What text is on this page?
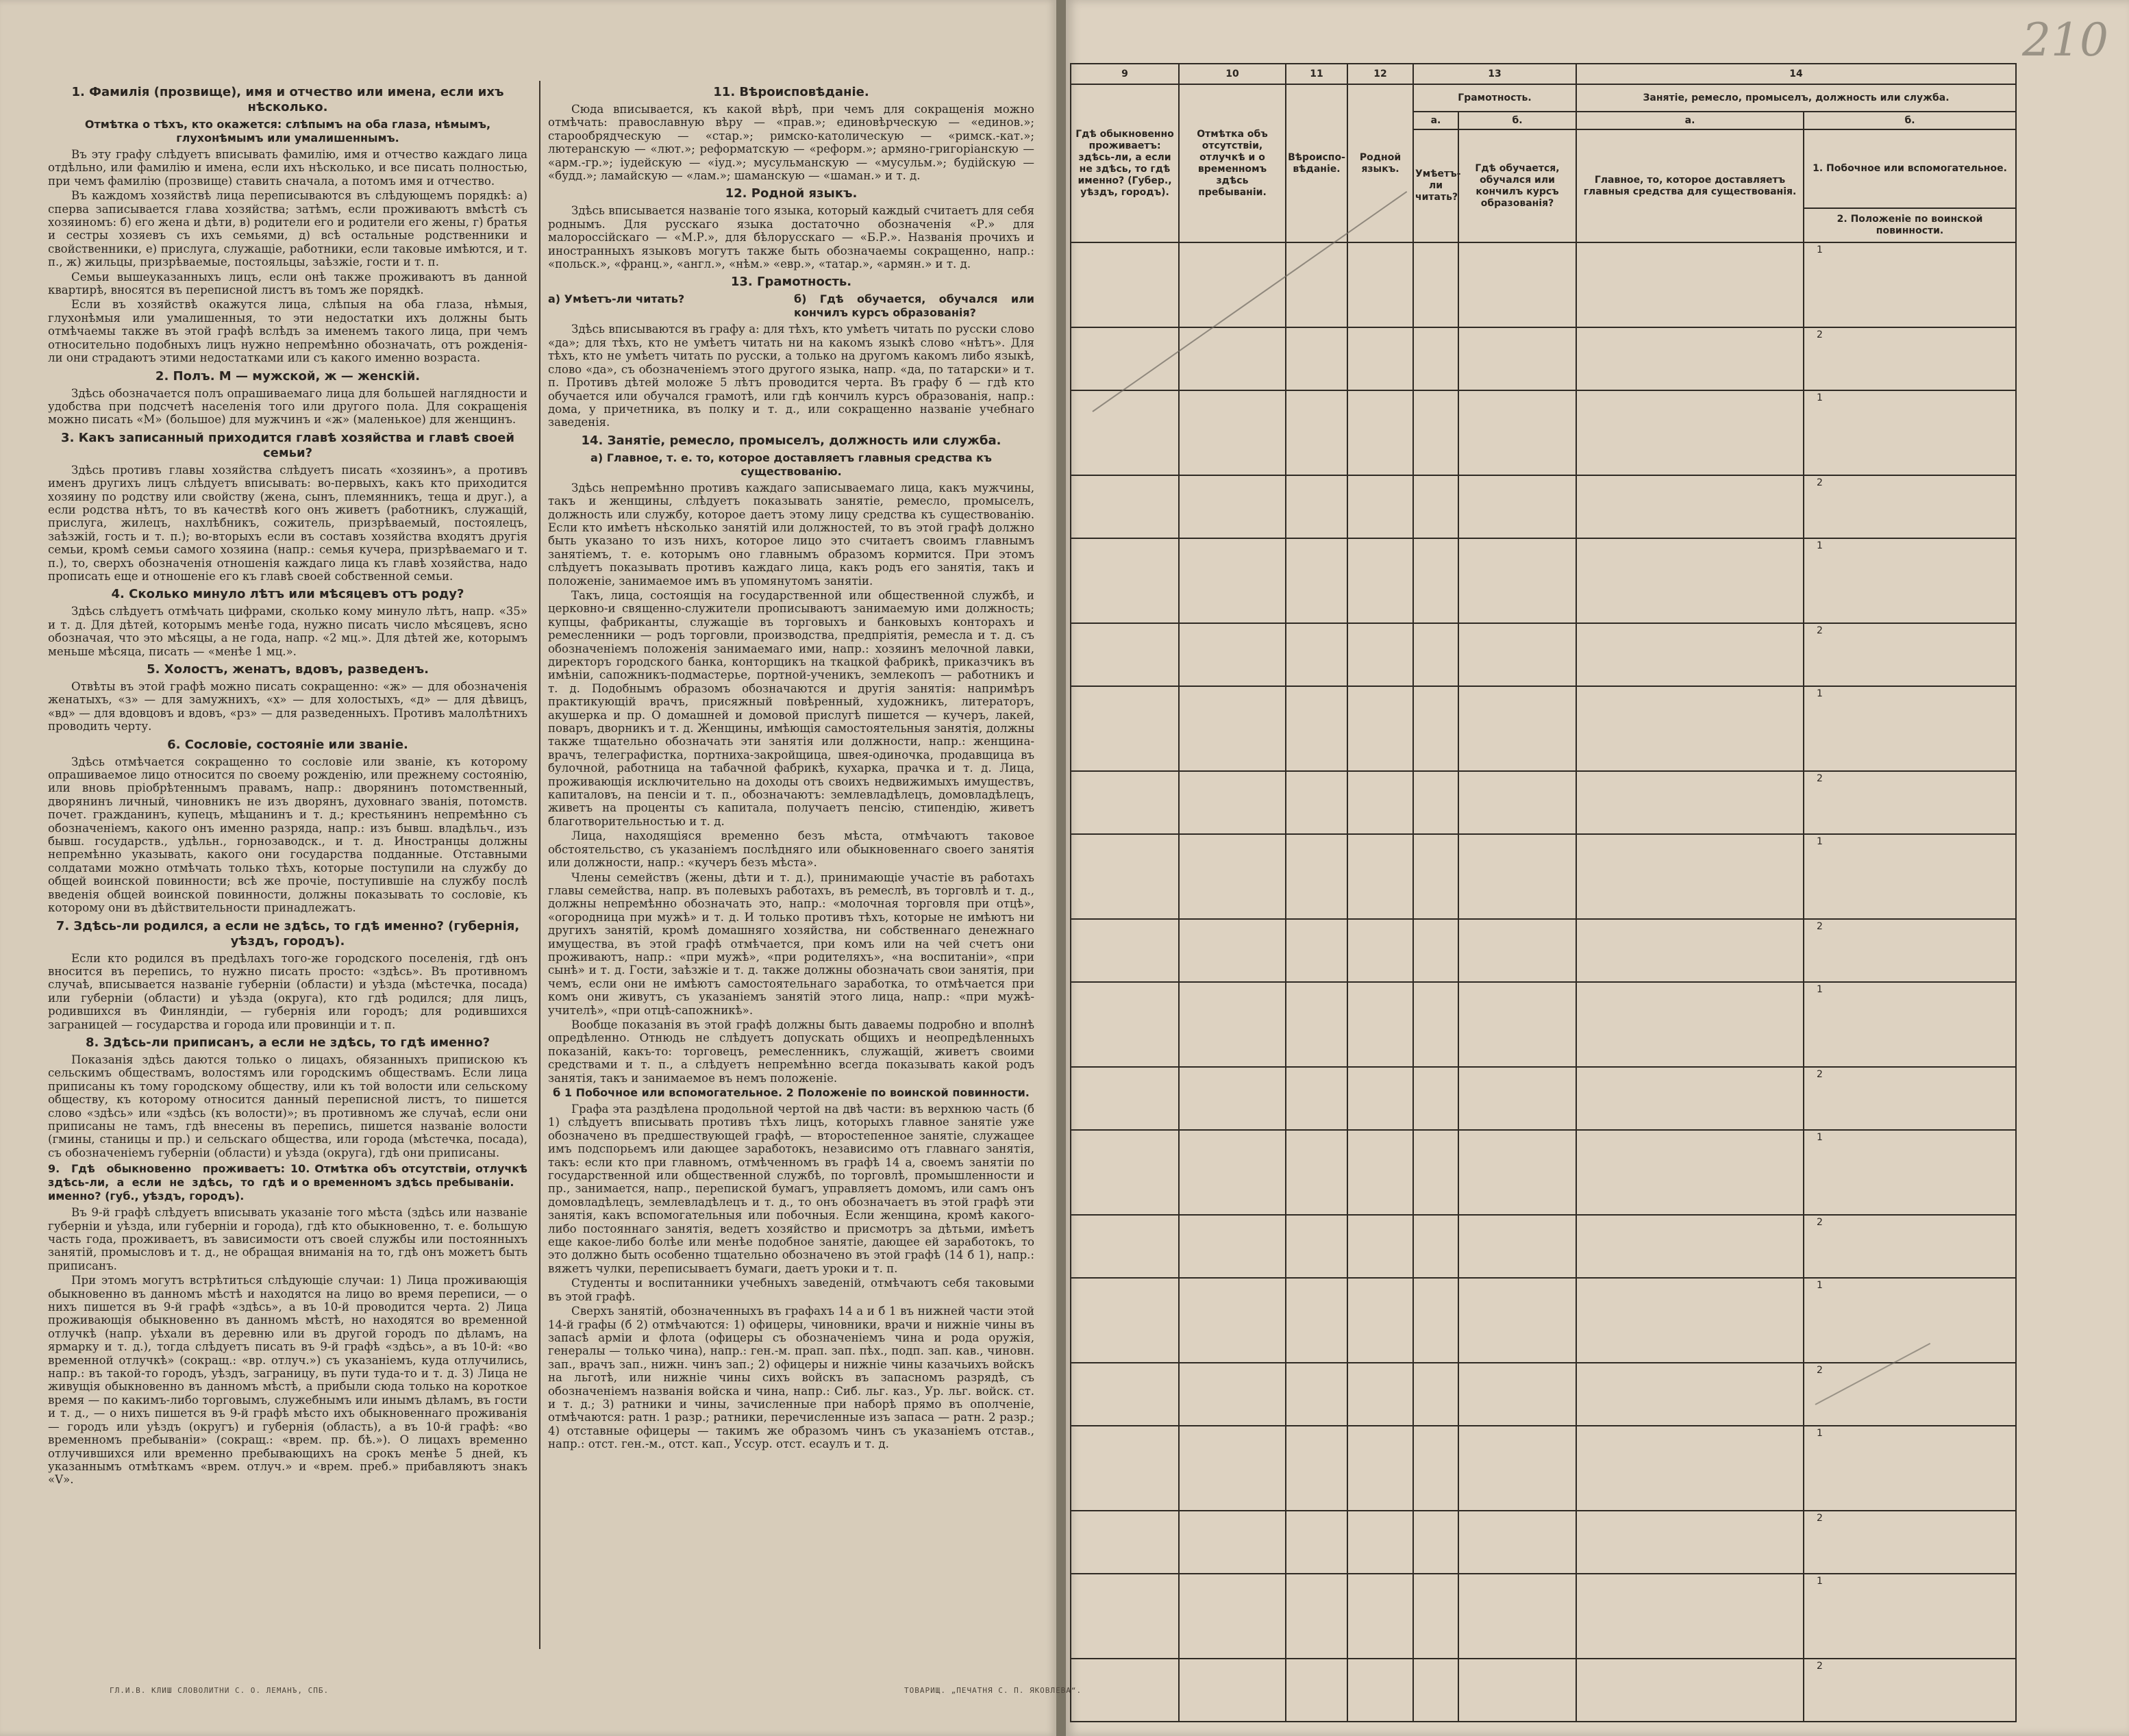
1. Фамилія (прозвище), имя и отчество или имена, если ихъ нѣсколько.
Отмѣтка о тѣхъ, кто окажется: слѣпымъ на оба глаза, нѣмымъ, глухонѣмымъ или умалишеннымъ.

Въ эту графу слѣдуетъ вписывать фамилію, имя и отчество каждаго лица отдѣльно, или фамилію и имена, если ихъ нѣсколько, и все писать полностью, при чемъ фамилію (прозвище) ставить сначала, а потомъ имя и отчество.

Въ каждомъ хозяйствѣ лица переписываются въ слѣдующемъ порядкѣ: а) сперва записывается глава хозяйства; затѣмъ, если проживаютъ вмѣстѣ съ хозяиномъ: б) его жена и дѣти, в) родители его и родители его жены, г) братья и сестры хозяевъ съ ихъ семьями, д) всѣ остальные родственники и свойственники, е) прислуга, служащіе, работники, если таковые имѣются, и т. п., ж) жильцы, призрѣваемые, постояльцы, заѣзжіе, гости и т. п.

Семьи вышеуказанныхъ лицъ, если онѣ также проживаютъ въ данной квартирѣ, вносятся въ переписной листъ въ томъ же порядкѣ.

Если въ хозяйствѣ окажутся лица, слѣпыя на оба глаза, нѣмыя, глухонѣмыя или умалишенныя, то эти недостатки ихъ должны быть отмѣчаемы также въ этой графѣ вслѣдъ за именемъ такого лица, при чемъ относительно подобныхъ лицъ нужно непремѣнно обозначать, отъ рожденія-ли они страдаютъ этими недостатками или съ какого именно возраста.

2. Полъ. М — мужской, ж — женскій.

Здѣсь обозначается полъ опрашиваемаго лица для большей наглядности и удобства при подсчетѣ населенія того или другого пола. Для сокращенія можно писать «М» (большое) для мужчинъ и «ж» (маленькое) для женщинъ.

3. Какъ записанный приходится главѣ хозяйства и главѣ своей семьи?

Здѣсь противъ главы хозяйства слѣдуетъ писать «хозяинъ», а противъ именъ другихъ лицъ слѣдуетъ вписывать: во-первыхъ, какъ кто приходится хозяину по родству или свойству (жена, сынъ, племянникъ, теща и друг.), а если родства нѣтъ, то въ качествѣ кого онъ живетъ (работникъ, служащій, прислуга, жилецъ, нахлѣбникъ, сожитель, призрѣваемый, постоялецъ, заѣзжій, гость и т. п.); во-вторыхъ если въ составъ хозяйства входятъ другія семьи, кромѣ семьи самого хозяина (напр.: семья кучера, призрѣваемаго и т. п.), то, сверхъ обозначенія отношенія каждаго лица къ главѣ хозяйства, надо прописать еще и отношеніе его къ главѣ своей собственной семьи.

4. Сколько минуло лѣтъ или мѣсяцевъ отъ роду?

Здѣсь слѣдуетъ отмѣчать цифрами, сколько кому минуло лѣтъ, напр. «35» и т. д. Для дѣтей, которымъ менѣе года, нужно писать число мѣсяцевъ, ясно обозначая, что это мѣсяцы, а не года, напр. «2 мц.». Для дѣтей же, которымъ меньше мѣсяца, писать — «менѣе 1 мц.».

5. Холостъ, женатъ, вдовъ, разведенъ.

Отвѣты въ этой графѣ можно писать сокращенно: «ж» — для обозначенія женатыхъ, «з» — для замужнихъ, «х» — для холостыхъ, «д» — для дѣвицъ, «вд» — для вдовцовъ и вдовъ, «рз» — для разведенныхъ. Противъ малолѣтнихъ проводить черту.

6. Сословіе, состояніе или званіе.

Здѣсь отмѣчается сокращенно то сословіе или званіе, къ которому опрашиваемое лицо относится по своему рожденію, или прежнему состоянію, или вновь пріобрѣтеннымъ правамъ, напр.: дворянинъ потомственный, дворянинъ личный, чиновникъ не изъ дворянъ, духовнаго званія, потомств. почет. гражданинъ, купецъ, мѣщанинъ и т. д.; крестьянинъ непремѣнно съ обозначеніемъ, какого онъ именно разряда, напр.: изъ бывш. владѣльч., изъ бывш. государств., удѣльн., горнозаводск., и т. д. Иностранцы должны непремѣнно указывать, какого они государства подданные. Отставными солдатами можно отмѣчать только тѣхъ, которые поступили на службу до общей воинской повинности; всѣ же прочіе, поступившіе на службу послѣ введенія общей воинской повинности, должны показывать то сословіе, къ которому они въ дѣйствительности принадлежатъ.

7. Здѣсь-ли родился, а если не здѣсь, то гдѣ именно? (губернія, уѣздъ, городъ).

Если кто родился въ предѣлахъ того-же городского поселенія, гдѣ онъ вносится въ перепись, то нужно писать просто: «здѣсь». Въ противномъ случаѣ, вписывается названіе губерніи (области) и уѣзда (мѣстечка, посада) или губерніи (области) и уѣзда (округа), кто гдѣ родился; для лицъ, родившихся въ Финляндіи, — губернія или городъ; для родившихся заграницей — государства и города или провинціи и т. п.

8. Здѣсь-ли приписанъ, а если не здѣсь, то гдѣ именно?

Показанія здѣсь даются только о лицахъ, обязанныхъ припискою къ сельскимъ обществамъ, волостямъ или городскимъ обществамъ. Если лица приписаны къ тому городскому обществу, или къ той волости или сельскому обществу, къ которому относится данный переписной листъ, то пишется слово «здѣсь» или «здѣсь (къ волости)»; въ противномъ же случаѣ, если они приписаны не тамъ, гдѣ внесены въ перепись, пишется названіе волости (гмины, станицы и пр.) и сельскаго общества, или города (мѣстечка, посада), съ обозначеніемъ губерніи (области) и уѣзда (округа), гдѣ они приписаны.

9. Гдѣ обыкновенно проживаетъ: здѣсь-ли, а если не здѣсь, то гдѣ именно? (губ., уѣздъ, городъ).
10. Отмѣтка объ отсутствіи, отлучкѣ и о временномъ здѣсь пребываніи.

Въ 9-й графѣ слѣдуетъ вписывать указаніе того мѣста (здѣсь или названіе губерніи и уѣзда, или губерніи и города), гдѣ кто обыкновенно, т. е. большую часть года, проживаетъ, въ зависимости отъ своей службы или постоянныхъ занятій, промысловъ и т. д., не обращая вниманія на то, гдѣ онъ можетъ быть приписанъ.

При этомъ могутъ встрѣтиться слѣдующіе случаи: 1) Лица проживающія обыкновенно въ данномъ мѣстѣ и находятся на лицо во время переписи, — о нихъ пишется въ 9-й графѣ «здѣсь», а въ 10-й проводится черта. 2) Лица проживающія обыкновенно въ данномъ мѣстѣ, но находятся во временной отлучкѣ (напр. уѣхали въ деревню или въ другой городъ по дѣламъ, на ярмарку и т. д.), тогда слѣдуетъ писать въ 9-й графѣ «здѣсь», а въ 10-й: «во временной отлучкѣ» (сокращ.: «вр. отлуч.») съ указаніемъ, куда отлучились, напр.: въ такой-то городъ, уѣздъ, заграницу, въ пути туда-то и т. д. 3) Лица не живущія обыкновенно въ данномъ мѣстѣ, а прибыли сюда только на короткое время — по какимъ-либо торговымъ, служебнымъ или инымъ дѣламъ, въ гости и т. д., — о нихъ пишется въ 9-й графѣ мѣсто ихъ обыкновеннаго проживанія — городъ или уѣздъ (округъ) и губернія (область), а въ 10-й графѣ: «во временномъ пребываніи» (сокращ.: «врем. пр. бѣ.»). О лицахъ временно отлучившихся или временно пребывающихъ на срокъ менѣе 5 дней, къ указаннымъ отмѣткамъ «врем. отлуч.» и «врем. преб.» прибавляютъ знакъ «V».

11. Вѣроисповѣданіе.

Сюда вписывается, къ какой вѣрѣ, при чемъ для сокращенія можно отмѣчать: православную вѣру — «прав.»; единовѣрческую — «единов.»; старообрядческую — «стар.»; римско-католическую — «римск.-кат.»; лютеранскую — «лют.»; реформатскую — «реформ.»; армяно-григоріанскую — «арм.-гр.»; іудейскую — «іуд.»; мусульманскую — «мусульм.»; будійскую — «будд.»; ламайскую — «лам.»; шаманскую — «шаман.» и т. д.

12. Родной языкъ.

Здѣсь вписывается названіе того языка, который каждый считаетъ для себя роднымъ. Для русскаго языка достаточно обозначенія «Р.» для малороссійскаго — «М.Р.», для бѣлорусскаго — «Б.Р.». Названія прочихъ и иностранныхъ языковъ могутъ также быть обозначаемы сокращенно, напр.: «польск.», «франц.», «англ.», «нѣм.» «евр.», «татар.», «армян.» и т. д.

13. Грамотность.
а) Умѣетъ-ли читать?	б) Гдѣ обучается, обучался или кончилъ курсъ образованія?

Здѣсь вписываются въ графу а: для тѣхъ, кто умѣетъ читать по русски слово «да»; для тѣхъ, кто не умѣетъ читать ни на какомъ языкѣ слово «нѣтъ». Для тѣхъ, кто не умѣетъ читать по русски, а только на другомъ какомъ либо языкѣ, слово «да», съ обозначеніемъ этого другого языка, напр. «да, по татарски» и т. п. Противъ дѣтей моложе 5 лѣтъ проводится черта. Въ графу б — гдѣ кто обучается или обучался грамотѣ, или гдѣ кончилъ курсъ образованія, напр.: дома, у причетника, въ полку и т. д., или сокращенно названіе учебнаго заведенія.

14. Занятіе, ремесло, промыселъ, должность или служба.
а) Главное, т. е. то, которое доставляетъ главныя средства къ существованію.

Здѣсь непремѣнно противъ каждаго записываемаго лица, какъ мужчины, такъ и женщины, слѣдуетъ показывать занятіе, ремесло, промыселъ, должность или службу, которое даетъ этому лицу средства къ существованію. Если кто имѣетъ нѣсколько занятій или должностей, то въ этой графѣ должно быть указано то изъ нихъ, которое лицо это считаетъ своимъ главнымъ занятіемъ, т. е. которымъ оно главнымъ образомъ кормится. При этомъ слѣдуетъ показывать противъ каждаго лица, какъ родъ его занятія, такъ и положеніе, занимаемое имъ въ упомянутомъ занятіи.

Такъ, лица, состоящія на государственной или общественной службѣ, и церковно-и священно-служители прописываютъ занимаемую ими должность; купцы, фабриканты, служащіе въ торговыхъ и банковыхъ конторахъ и ремесленники — родъ торговли, производства, предпріятія, ремесла и т. д. съ обозначеніемъ положенія занимаемаго ими, напр.: хозяинъ мелочной лавки, директоръ городского банка, конторщикъ на ткацкой фабрикѣ, приказчикъ въ имѣніи, сапожникъ-подмастерье, портной-ученикъ, землекопъ — работникъ и т. д. Подобнымъ образомъ обозначаются и другія занятія: напримѣръ практикующій врачъ, присяжный повѣренный, художникъ, литераторъ, акушерка и пр. О домашней и домовой прислугѣ пишется — кучеръ, лакей, поваръ, дворникъ и т. д. Женщины, имѣющія самостоятельныя занятія, должны также тщательно обозначать эти занятія или должности, напр.: женщина-врачъ, телеграфистка, портниха-закройщица, швея-одиночка, продавщица въ булочной, работница на табачной фабрикѣ, кухарка, прачка и т. д. Лица, проживающія исключительно на доходы отъ своихъ недвижимыхъ имуществъ, капиталовъ, на пенсіи и т. п., обозначаютъ: землевладѣлецъ, домовладѣлецъ, живетъ на проценты съ капитала, получаетъ пенсію, стипендію, живетъ благотворительностью и т. д.

Лица, находящіяся временно безъ мѣста, отмѣчаютъ таковое обстоятельство, съ указаніемъ послѣдняго или обыкновеннаго своего занятія или должности, напр.: «кучеръ безъ мѣста».

Члены семействъ (жены, дѣти и т. д.), принимающіе участіе въ работахъ главы семейства, напр. въ полевыхъ работахъ, въ ремеслѣ, въ торговлѣ и т. д., должны непремѣнно обозначать это, напр.: «молочная торговля при отцѣ», «огородница при мужѣ» и т. д. И только противъ тѣхъ, которые не имѣютъ ни другихъ занятій, кромѣ домашняго хозяйства, ни собственнаго денежнаго имущества, въ этой графѣ отмѣчается, при комъ или на чей счетъ они проживаютъ, напр.: «при мужѣ», «при родителяхъ», «на воспитаніи», «при сынѣ» и т. д. Гости, заѣзжіе и т. д. также должны обозначать свои занятія, при чемъ, если они не имѣютъ самостоятельнаго заработка, то отмѣчается при комъ они живутъ, съ указаніемъ занятій этого лица, напр.: «при мужѣ-учителѣ», «при отцѣ-сапожникѣ».

Вообще показанія въ этой графѣ должны быть даваемы подробно и вполнѣ опредѣленно. Отнюдь не слѣдуетъ допускать общихъ и неопредѣленныхъ показаній, какъ-то: торговецъ, ремесленникъ, служащій, живетъ своими средствами и т. п., а слѣдуетъ непремѣнно всегда показывать какой родъ занятія, такъ и занимаемое въ немъ положеніе.

б 1 Побочное или вспомогательное. 2 Положеніе по воинской повинности.

Графа эта раздѣлена продольной чертой на двѣ части: въ верхнюю часть (б 1) слѣдуетъ вписывать противъ тѣхъ лицъ, которыхъ главное занятіе уже обозначено въ предшествующей графѣ, — второстепенное занятіе, служащее имъ подспорьемъ или дающее заработокъ, независимо отъ главнаго занятія, такъ: если кто при главномъ, отмѣченномъ въ графѣ 14 а, своемъ занятіи по государственной или общественной службѣ, по торговлѣ, промышленности и пр., занимается, напр., перепиской бумагъ, управляетъ домомъ, или самъ онъ домовладѣлецъ, землевладѣлецъ и т. д., то онъ обозначаетъ въ этой графѣ эти занятія, какъ вспомогательныя или побочныя. Если женщина, кромѣ какого-либо постояннаго занятія, ведетъ хозяйство и присмотръ за дѣтьми, имѣетъ еще какое-либо болѣе или менѣе подобное занятіе, дающее ей заработокъ, то это должно быть особенно тщательно обозначено въ этой графѣ (14 б 1), напр.: вяжетъ чулки, переписываетъ бумаги, даетъ уроки и т. п.

Студенты и воспитанники учебныхъ заведеній, отмѣчаютъ себя таковыми въ этой графѣ.

Сверхъ занятій, обозначенныхъ въ графахъ 14 а и б 1 въ нижней части этой 14-й графы (б 2) отмѣчаются: 1) офицеры, чиновники, врачи и нижніе чины въ запасѣ арміи и флота (офицеры съ обозначеніемъ чина и рода оружія, генералы — только чина), напр.: ген.-м. прап. зап. пѣх., подп. зап. кав., чиновн. зап., врачъ зап., нижн. чинъ зап.; 2) офицеры и нижніе чины казачьихъ войскъ на льготѣ, или нижніе чины сихъ войскъ въ запасномъ разрядѣ, съ обозначеніемъ названія войска и чина, напр.: Сиб. льг. каз., Ур. льг. войск. ст. и т. д.; 3) ратники и чины, зачисленные при наборѣ прямо въ ополченіе, отмѣчаются: ратн. 1 разр.; ратники, перечисленные изъ запаса — ратн. 2 разр.; 4) отставные офицеры — такимъ же образомъ чинъ съ указаніемъ отстав., напр.: отст. ген.-м., отст. кап., Уссур. отст. есаулъ и т. д.

ГЛ.И.В. КЛИШ СЛОВОЛИТНИ С. О. ЛЕМАНЪ, СПБ.	ТОВАРИЩ. „ПЕЧАТНЯ С. П. ЯКОВЛЕВА“.
210
9	10	11	12	13		14	
Гдѣ обыкновенно проживаетъ: здѣсь-ли, а если не здѣсь, то гдѣ именно? (Губер., уѣздъ, городъ).	Отмѣтка объ отсутствіи, отлучкѣ и о временномъ здѣсь пребываніи.	Вѣроиспо-вѣданіе.	Родной языкъ.	Грамотность.		Занятіе, ремесло, промыселъ, должность или служба.	
				а.	б.	а.	б.
				Умѣетъ-ли читать?	Гдѣ обучается, обучался или кончилъ курсъ образованія?	Главное, то, которое доставляетъ главныя средства для существованія.	1. Побочное или вспомогательное.
							2. Положеніе по воинской повинности.
							1
							2
							1
							2
							1
							2
							1
							2
							1
							2
							1
							2
							1
							2
							1
							2
							1
							2
							1
							2
